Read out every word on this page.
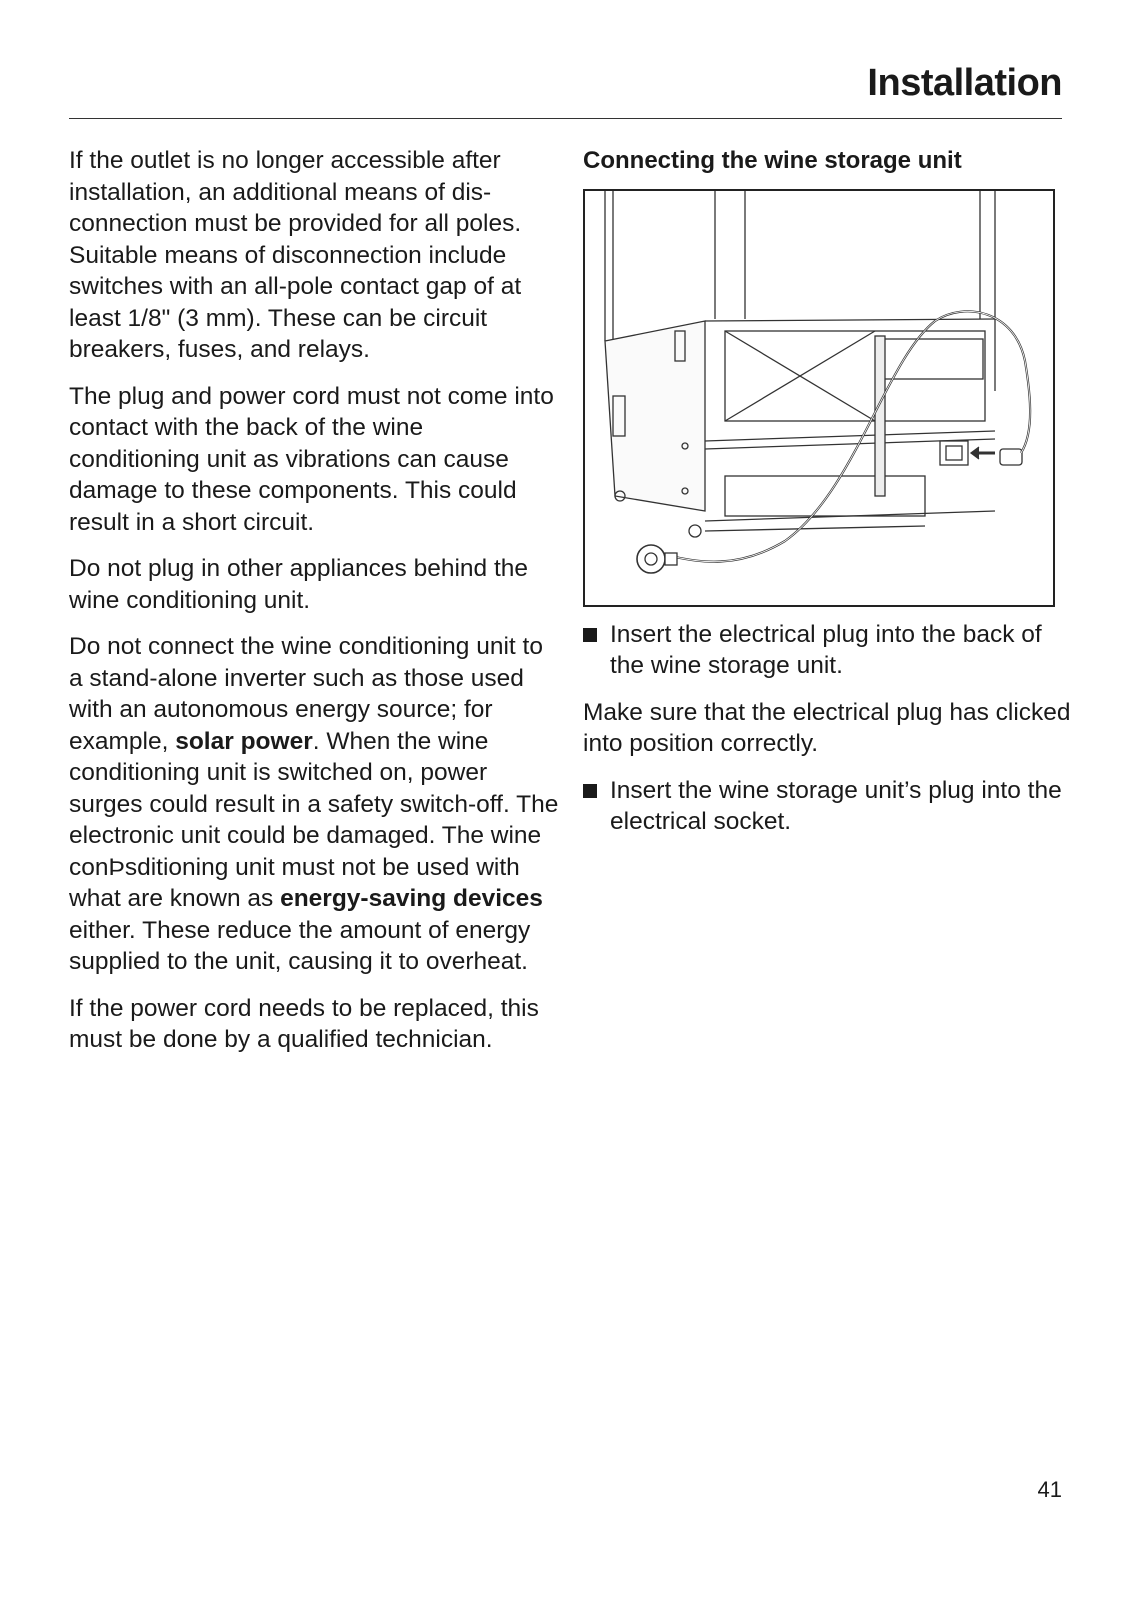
Installation

If the outlet is no longer accessible after installation, an additional means of disconnection must be provided for all poles. Suitable means of disconnection include switches with an all-pole contact gap of at least 1/8" (3 mm). These can be circuit breakers, fuses, and relays.

The plug and power cord must not come into contact with the back of the wine conditioning unit as vibrations can cause damage to these components. This could result in a short circuit.

Do not plug in other appliances behind the wine conditioning unit.

Do not connect the wine conditioning unit to a stand-alone inverter such as those used with an autonomous energy source; for example, solar power. When the wine conditioning unit is switched on, power surges could result in a safety switch-off. The electronic unit could be damaged. The wine conÞsditioning unit must not be used with what are known as energy-saving devices either. These reduce the amount of energy supplied to the unit, causing it to overheat.

If the power cord needs to be replaced, this must be done by a qualified technician.

Connecting the wine storage unit
Insert the electrical plug into the back of the wine storage unit.

Make sure that the electrical plug has clicked into position correctly.

Insert the wine storage unit’s plug into the electrical socket.
41
